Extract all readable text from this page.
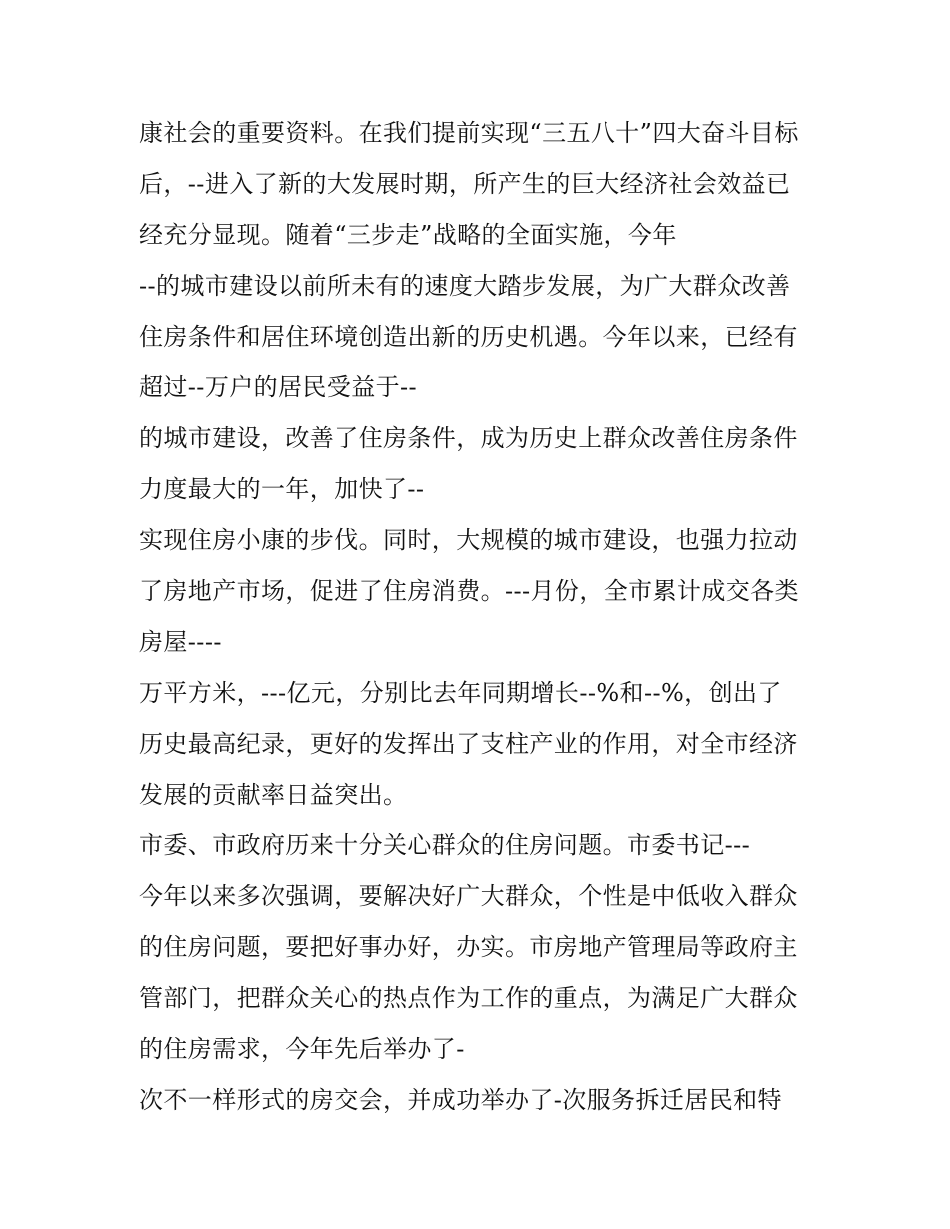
康社会的重要资料。在我们提前实现“三五八十”四大奋斗目标
后，--进入了新的大发展时期，所产生的巨大经济社会效益已
经充分显现。随着“三步走”战略的全面实施，今年
--的城市建设以前所未有的速度大踏步发展，为广大群众改善
住房条件和居住环境创造出新的历史机遇。今年以来，已经有
超过--万户的居民受益于--
的城市建设，改善了住房条件，成为历史上群众改善住房条件
力度最大的一年，加快了--
实现住房小康的步伐。同时，大规模的城市建设，也强力拉动
了房地产市场，促进了住房消费。---月份，全市累计成交各类
房屋----
万平方米，---亿元，分别比去年同期增长--%和--%，创出了
历史最高纪录，更好的发挥出了支柱产业的作用，对全市经济
发展的贡献率日益突出。
市委、市政府历来十分关心群众的住房问题。市委书记---
今年以来多次强调，要解决好广大群众，个性是中低收入群众
的住房问题，要把好事办好，办实。市房地产管理局等政府主
管部门，把群众关心的热点作为工作的重点，为满足广大群众
的住房需求，今年先后举办了-
次不一样形式的房交会，并成功举办了-次服务拆迁居民和特
